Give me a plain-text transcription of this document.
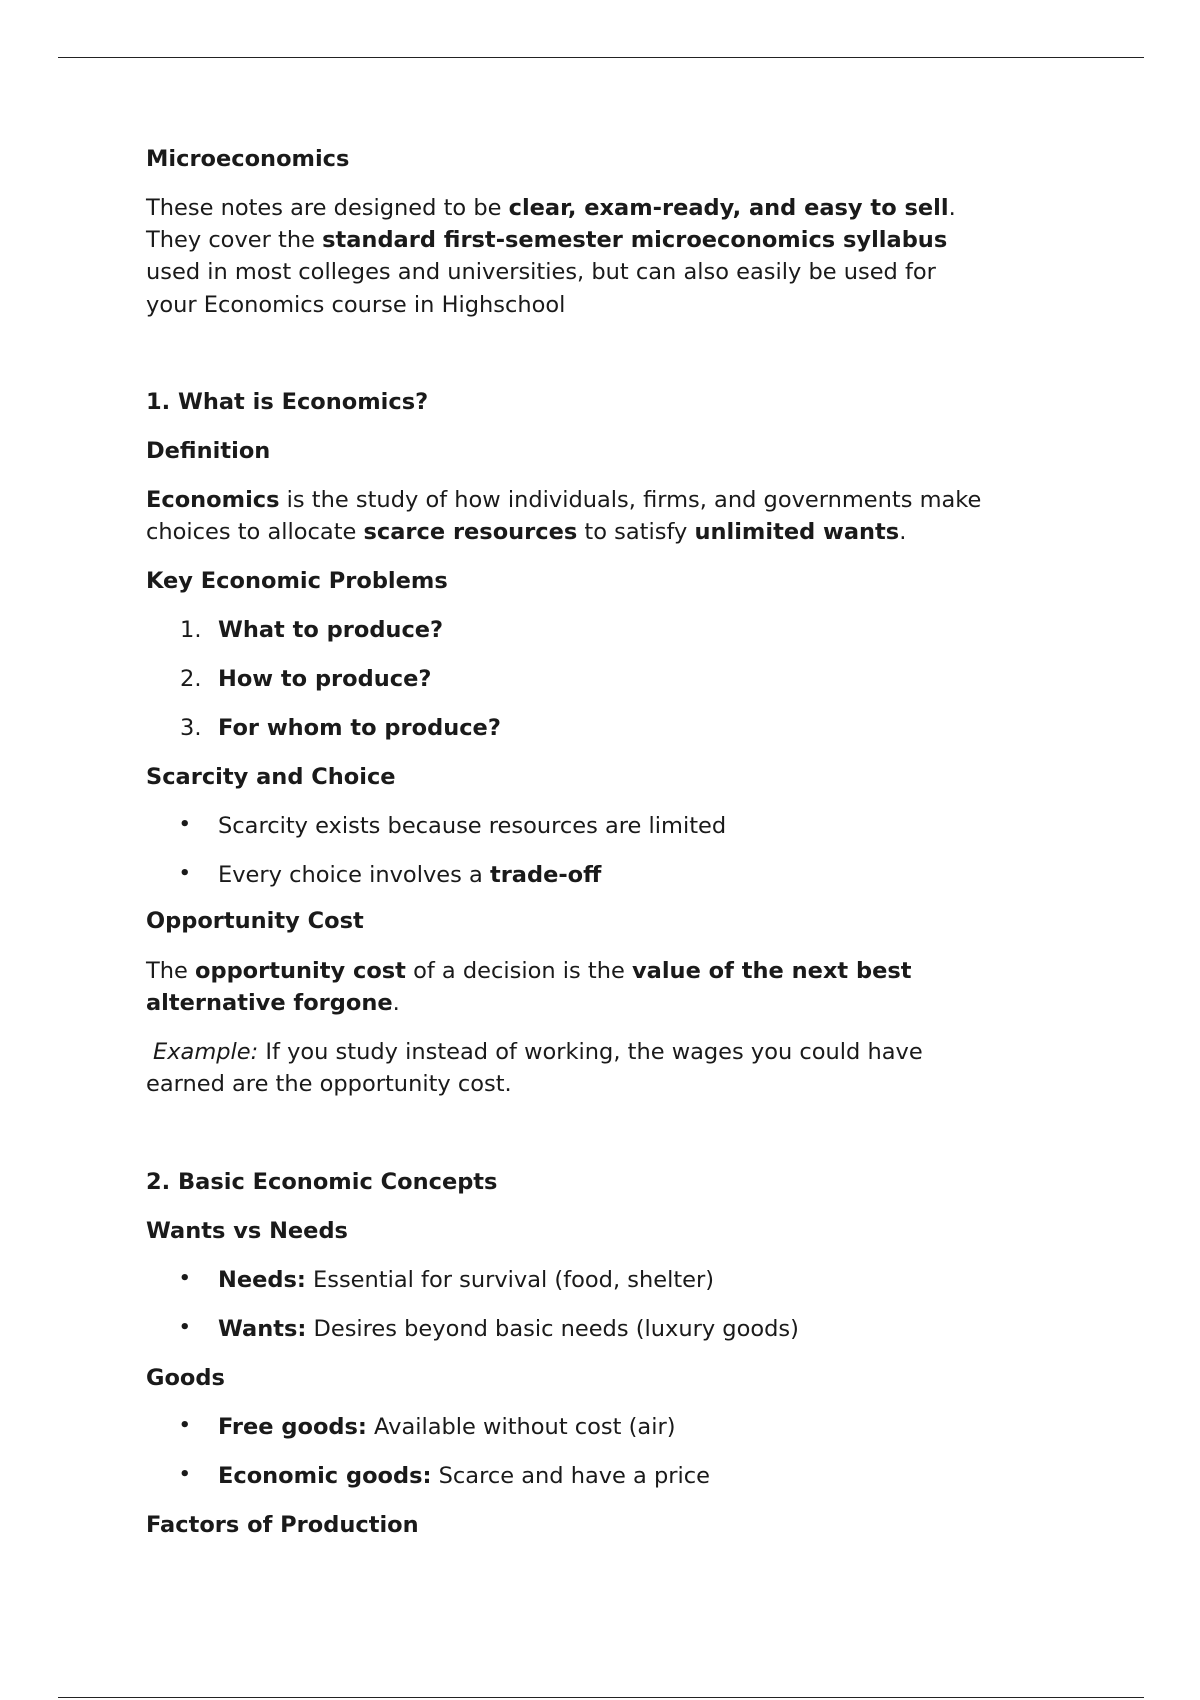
Microeconomics
These notes are designed to be clear, exam-ready, and easy to sell.
They cover the standard first-semester microeconomics syllabus
used in most colleges and universities, but can also easily be used for
your Economics course in Highschool
1. What is Economics?
Definition
Economics is the study of how individuals, firms, and governments make
choices to allocate scarce resources to satisfy unlimited wants.
Key Economic Problems
1. What to produce?
2. How to produce?
3. For whom to produce?
Scarcity and Choice
• Scarcity exists because resources are limited
• Every choice involves a trade-off
Opportunity Cost
The opportunity cost of a decision is the value of the next best
alternative forgone.
Example: If you study instead of working, the wages you could have
earned are the opportunity cost.
2. Basic Economic Concepts
Wants vs Needs
• Needs: Essential for survival (food, shelter)
• Wants: Desires beyond basic needs (luxury goods)
Goods
• Free goods: Available without cost (air)
• Economic goods: Scarce and have a price
Factors of Production
